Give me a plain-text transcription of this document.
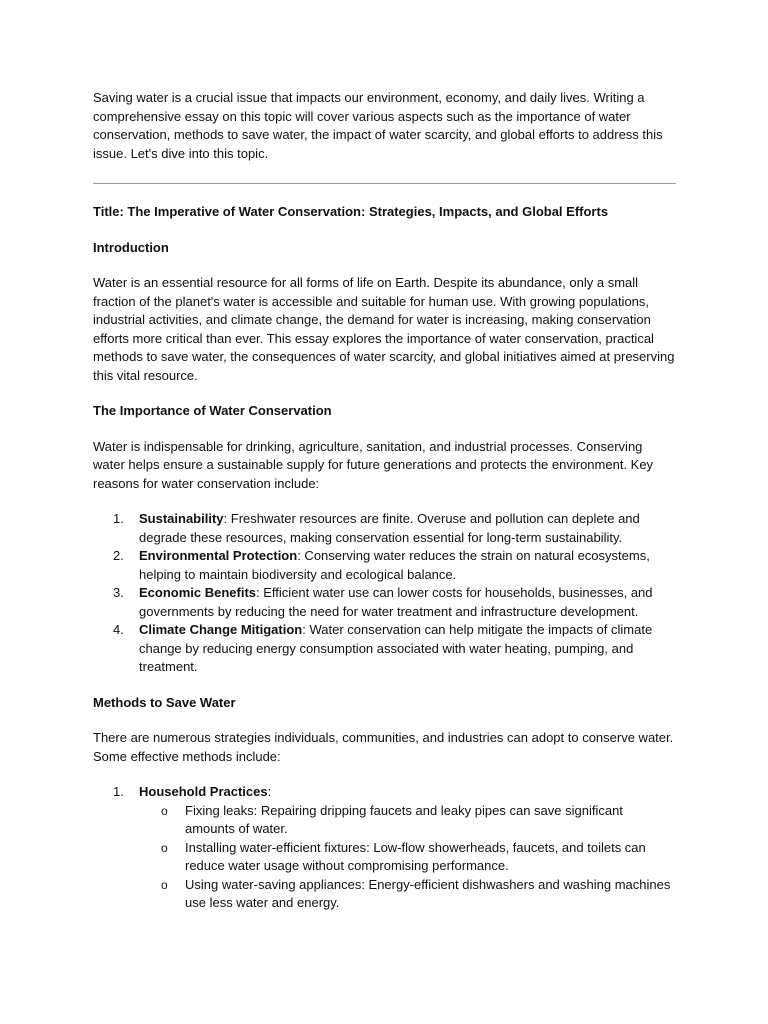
Saving water is a crucial issue that impacts our environment, economy, and daily lives. Writing a comprehensive essay on this topic will cover various aspects such as the importance of water conservation, methods to save water, the impact of water scarcity, and global efforts to address this issue. Let's dive into this topic.

Title: The Imperative of Water Conservation: Strategies, Impacts, and Global Efforts

Introduction

Water is an essential resource for all forms of life on Earth. Despite its abundance, only a small fraction of the planet's water is accessible and suitable for human use. With growing populations, industrial activities, and climate change, the demand for water is increasing, making conservation efforts more critical than ever. This essay explores the importance of water conservation, practical methods to save water, the consequences of water scarcity, and global initiatives aimed at preserving this vital resource.

The Importance of Water Conservation

Water is indispensable for drinking, agriculture, sanitation, and industrial processes. Conserving water helps ensure a sustainable supply for future generations and protects the environment. Key reasons for water conservation include:

1. Sustainability: Freshwater resources are finite. Overuse and pollution can deplete and degrade these resources, making conservation essential for long-term sustainability.
2. Environmental Protection: Conserving water reduces the strain on natural ecosystems, helping to maintain biodiversity and ecological balance.
3. Economic Benefits: Efficient water use can lower costs for households, businesses, and governments by reducing the need for water treatment and infrastructure development.
4. Climate Change Mitigation: Water conservation can help mitigate the impacts of climate change by reducing energy consumption associated with water heating, pumping, and treatment.

Methods to Save Water

There are numerous strategies individuals, communities, and industries can adopt to conserve water. Some effective methods include:

1. Household Practices:
o Fixing leaks: Repairing dripping faucets and leaky pipes can save significant amounts of water.
o Installing water-efficient fixtures: Low-flow showerheads, faucets, and toilets can reduce water usage without compromising performance.
o Using water-saving appliances: Energy-efficient dishwashers and washing machines use less water and energy.
